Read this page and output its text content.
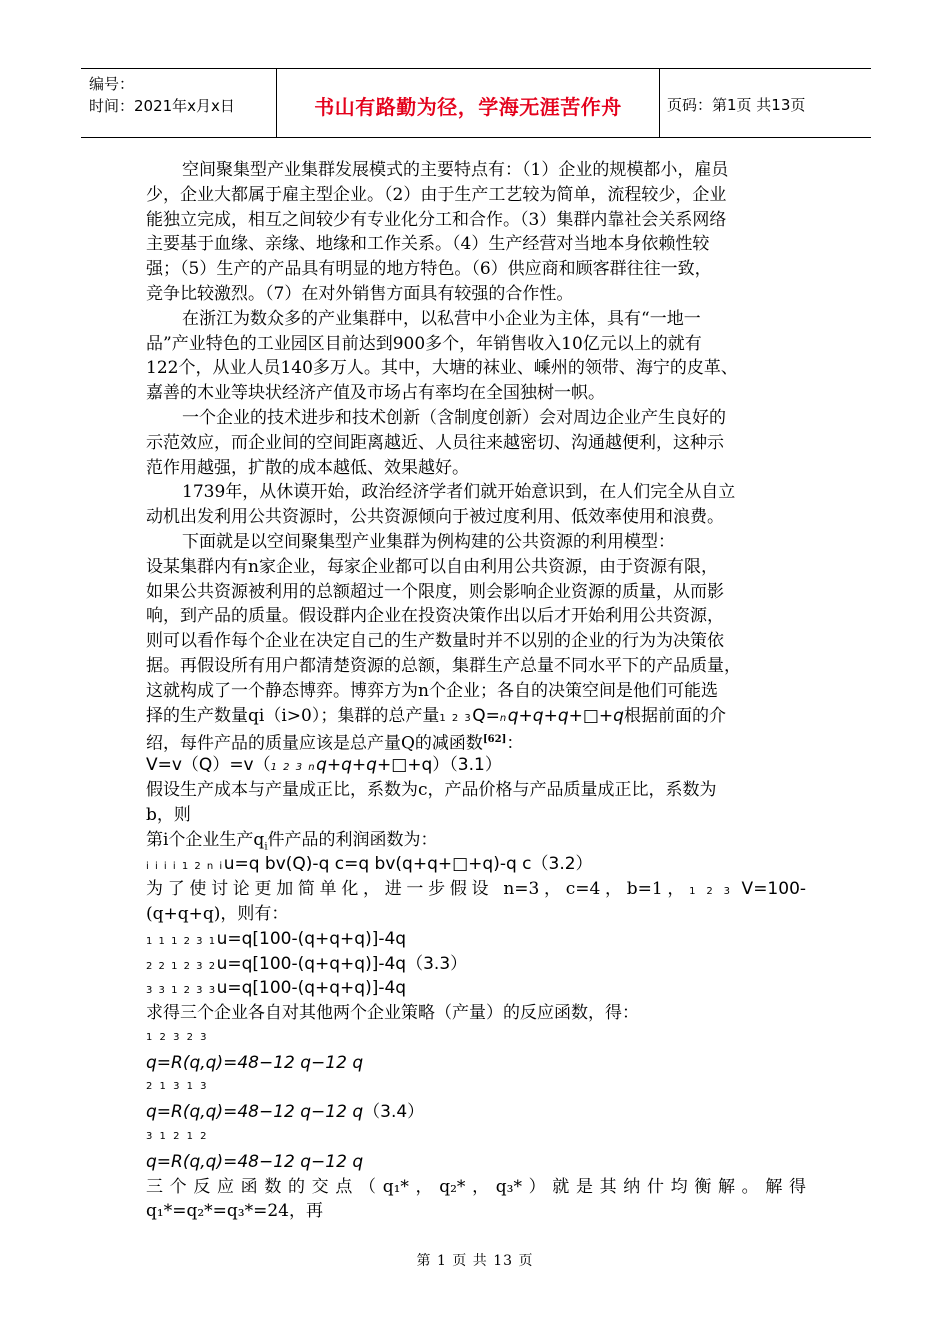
编号：
时间：2021年x月x日	书山有路勤为径，学海无涯苦作舟	页码：第1页 共13页
空间聚集型产业集群发展模式的主要特点有：（1）企业的规模都小，雇员
少，企业大都属于雇主型企业。（2）由于生产工艺较为简单，流程较少，企业
能独立完成，相互之间较少有专业化分工和合作。（3）集群内靠社会关系网络
主要基于血缘、亲缘、地缘和工作关系。（4）生产经营对当地本身依赖性较
强；（5）生产的产品具有明显的地方特色。（6）供应商和顾客群往往一致，
竞争比较激烈。（7）在对外销售方面具有较强的合作性。
在浙江为数众多的产业集群中，以私营中小企业为主体，具有“一地一
品”产业特色的工业园区目前达到900多个，年销售收入10亿元以上的就有
122个，从业人员140多万人。其中，大塘的袜业、嵊州的领带、海宁的皮革、
嘉善的木业等块状经济产值及市场占有率均在全国独树一帜。
一个企业的技术进步和技术创新（含制度创新）会对周边企业产生良好的
示范效应，而企业间的空间距离越近、人员往来越密切、沟通越便利，这种示
范作用越强，扩散的成本越低、效果越好。
1739年，从休谟开始，政治经济学者们就开始意识到，在人们完全从自立
动机出发利用公共资源时，公共资源倾向于被过度利用、低效率使用和浪费。
下面就是以空间聚集型产业集群为例构建的公共资源的利用模型：
设某集群内有n家企业，每家企业都可以自由利用公共资源，由于资源有限，
如果公共资源被利用的总额超过一个限度，则会影响企业资源的质量，从而影
响，到产品的质量。假设群内企业在投资决策作出以后才开始利用公共资源，
则可以看作每个企业在决定自己的生产数量时并不以别的企业的行为为决策依
据。再假设所有用户都清楚资源的总额，集群生产总量不同水平下的产品质量，
这就构成了一个静态博弈。博弈方为n个企业；各自的决策空间是他们可能选
择的生产数量qi（i>0）；集群的总产量1 2 3Q=nq+q+q+□+q根据前面的介
绍，每件产品的质量应该是总产量Q的减函数[62]：
V=v（Q）=v（1 2 3 nq+q+q+□+q）（3.1）
假设生产成本与产量成正比，系数为c，产品价格与产品质量成正比，系数为
b，则
第i个企业生产$q_i$件产品的利润函数为：
i i i i 1 2 n iu=q bv(Q)-q c=q bv(q+q+□+q)-q c（3.2）
为了使讨论更加简单化，进一步假设 n=3，c=4，b=1，1 2 3 V=100-
(q+q+q)，则有：
1 1 1 2 3 1u=q[100-(q+q+q)]-4q
2 2 1 2 3 2u=q[100-(q+q+q)]-4q（3.3）
3 3 1 2 3 3u=q[100-(q+q+q)]-4q
求得三个企业各自对其他两个企业策略（产量）的反应函数，得：
1 2 3 2 3
q=R(q,q)=48−12 q−12 q
2 1 3 1 3
q=R(q,q)=48−12 q−12 q（3.4）
3 1 2 1 2
q=R(q,q)=48−12 q−12 q
三个反应函数的交点（q₁*，q₂*，q₃*）就是其纳什均衡解。解得
q₁*=q₂*=q₃*=24，再
第 1 页 共 13 页
